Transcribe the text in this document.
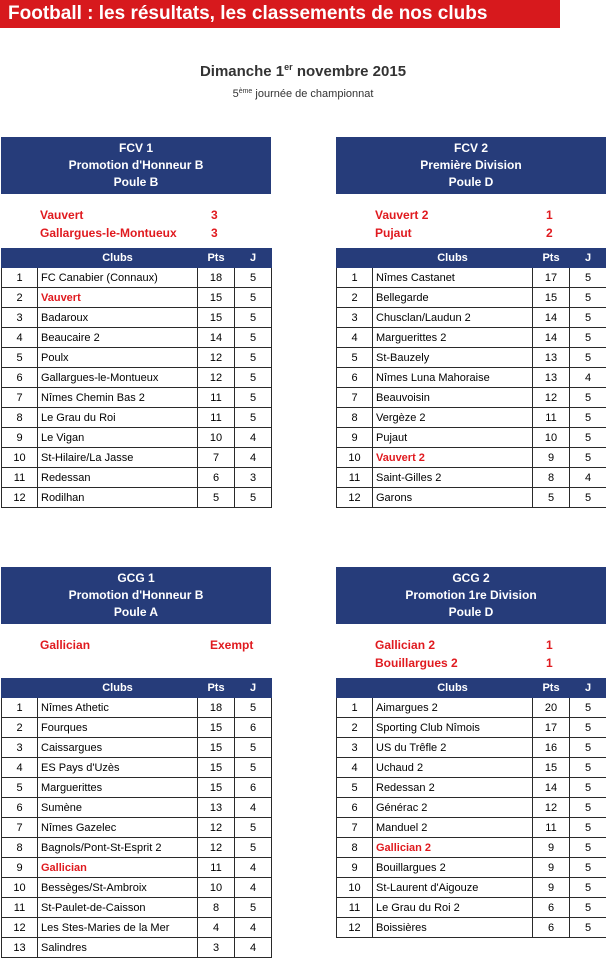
Football : les résultats, les classements de nos clubs
Dimanche 1er novembre 2015
5ème journée de championnat
FCV 1
Promotion d'Honneur B
Poule B
Vauvert	3
Gallargues-le-Montueux	3
	Clubs	Pts	J
1	FC Canabier (Connaux)	18	5
2	Vauvert	15	5
3	Badaroux	15	5
4	Beaucaire 2	14	5
5	Poulx	12	5
6	Gallargues-le-Montueux	12	5
7	Nîmes Chemin Bas 2	11	5
8	Le Grau du Roi	11	5
9	Le Vigan	10	4
10	St-Hilaire/La Jasse	7	4
11	Redessan	6	3
12	Rodilhan	5	5
FCV 2
Première Division
Poule D
Vauvert 2	1
Pujaut	2
	Clubs	Pts	J
1	Nîmes Castanet	17	5
2	Bellegarde	15	5
3	Chusclan/Laudun 2	14	5
4	Marguerittes 2	14	5
5	St-Bauzely	13	5
6	Nîmes Luna Mahoraise	13	4
7	Beauvoisin	12	5
8	Vergèze 2	11	5
9	Pujaut	10	5
10	Vauvert 2	9	5
11	Saint-Gilles 2	8	4
12	Garons	5	5
GCG 1
Promotion d'Honneur B
Poule A
Gallician	Exempt
	Clubs	Pts	J
1	Nîmes Athetic	18	5
2	Fourques	15	6
3	Caissargues	15	5
4	ES Pays d'Uzès	15	5
5	Marguerittes	15	6
6	Sumène	13	4
7	Nîmes Gazelec	12	5
8	Bagnols/Pont-St-Esprit 2	12	5
9	Gallician	11	4
10	Bessèges/St-Ambroix	10	4
11	St-Paulet-de-Caisson	8	5
12	Les Stes-Maries de la Mer	4	4
13	Salindres	3	4
GCG 2
Promotion 1re Division
Poule D
Gallician 2	1
Bouillargues 2	1
	Clubs	Pts	J
1	Aimargues 2	20	5
2	Sporting Club Nîmois	17	5
3	US du Trêfle 2	16	5
4	Uchaud 2	15	5
5	Redessan 2	14	5
6	Générac 2	12	5
7	Manduel 2	11	5
8	Gallician 2	9	5
9	Bouillargues 2	9	5
10	St-Laurent d'Aigouze	9	5
11	Le Grau du Roi 2	6	5
12	Boissières	6	5
